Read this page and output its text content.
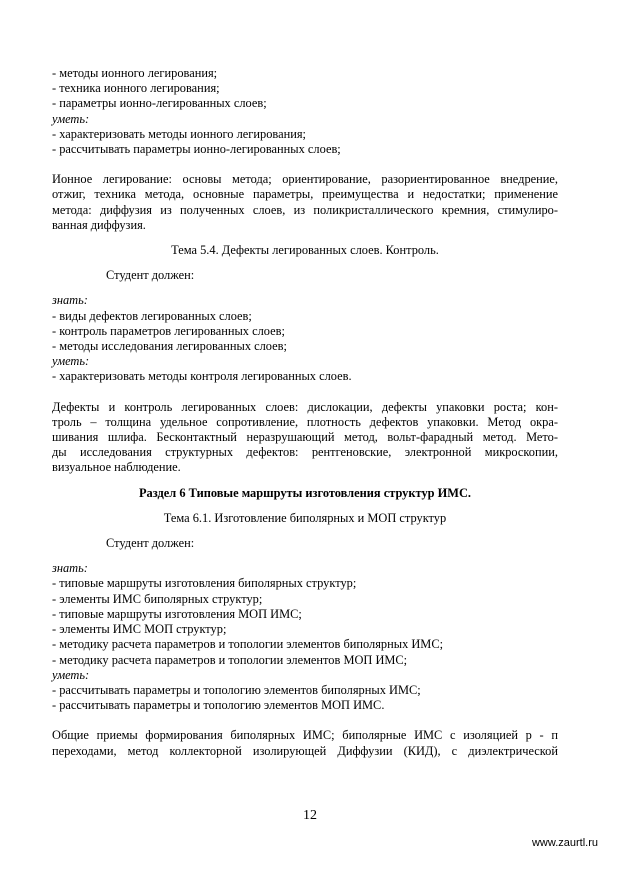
- методы ионного легирования;

- техника ионного легирования;

- параметры ионно-легированных слоев;

уметь:

- характеризовать методы ионного легирования;

- рассчитывать параметры ионно-легированных слоев;

Ионное легирование: основы метода; ориентирование, разориентированное внедрение,
отжиг, техника метода, основные параметры, преимущества и недостатки; применение
метода: диффузия из полученных слоев, из поликристаллического кремния, стимулиро-
ванная диффузия.

Тема 5.4. Дефекты легированных слоев. Контроль.

Студент должен:

знать:

- виды дефектов легированных слоев;

- контроль параметров легированных слоев;

- методы исследования легированных слоев;

уметь:

- характеризовать методы контроля легированных слоев.

Дефекты и контроль легированных слоев: дислокации, дефекты упаковки роста; кон-
троль – толщина удельное сопротивление, плотность дефектов упаковки. Метод окра-
шивания шлифа. Бесконтактный неразрушающий метод, вольт-фарадный метод. Мето-
ды исследования структурных дефектов: рентгеновские, электронной микроскопии,
визуальное наблюдение.

Раздел 6 Типовые маршруты изготовления структур ИМС.

Тема 6.1. Изготовление биполярных и МОП структур

Студент должен:

знать:

- типовые маршруты изготовления биполярных структур;

- элементы ИМС биполярных структур;

- типовые маршруты изготовления МОП ИМС;

- элементы ИМС МОП структур;

- методику расчета параметров и топологии элементов биполярных ИМС;

- методику расчета параметров и топологии элементов МОП ИМС;

уметь:

- рассчитывать параметры и топологию элементов биполярных ИМС;

- рассчитывать параметры и топологию элементов МОП ИМС.

Общие приемы формирования биполярных ИМС; биполярные ИМС с изоляцией р - п
переходами, метод коллекторной изолирующей Диффузии (КИД), с диэлектрической
12
www.zaurtl.ru
